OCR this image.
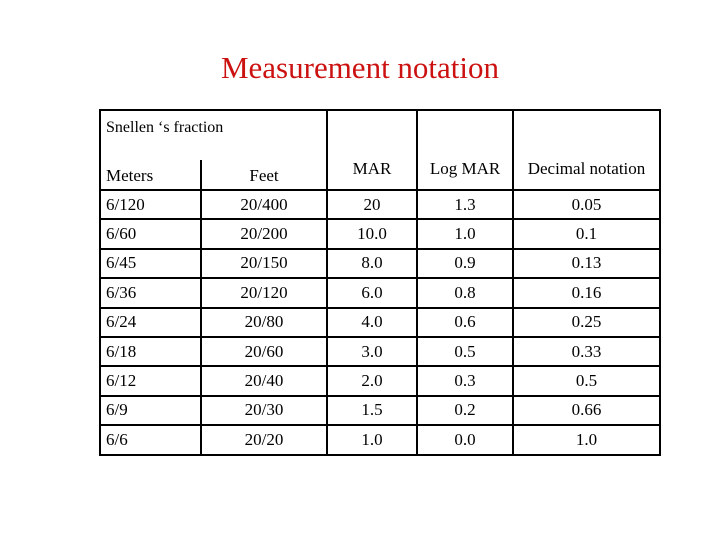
Measurement notation
Snellen ‘s fraction		MAR	Log MAR	Decimal notation
Meters	Feet			
6/120	20/400	20	1.3	0.05
6/60	20/200	10.0	1.0	0.1
6/45	20/150	8.0	0.9	0.13
6/36	20/120	6.0	0.8	0.16
6/24	20/80	4.0	0.6	0.25
6/18	20/60	3.0	0.5	0.33
6/12	20/40	2.0	0.3	0.5
6/9	20/30	1.5	0.2	0.66
6/6	20/20	1.0	0.0	1.0
